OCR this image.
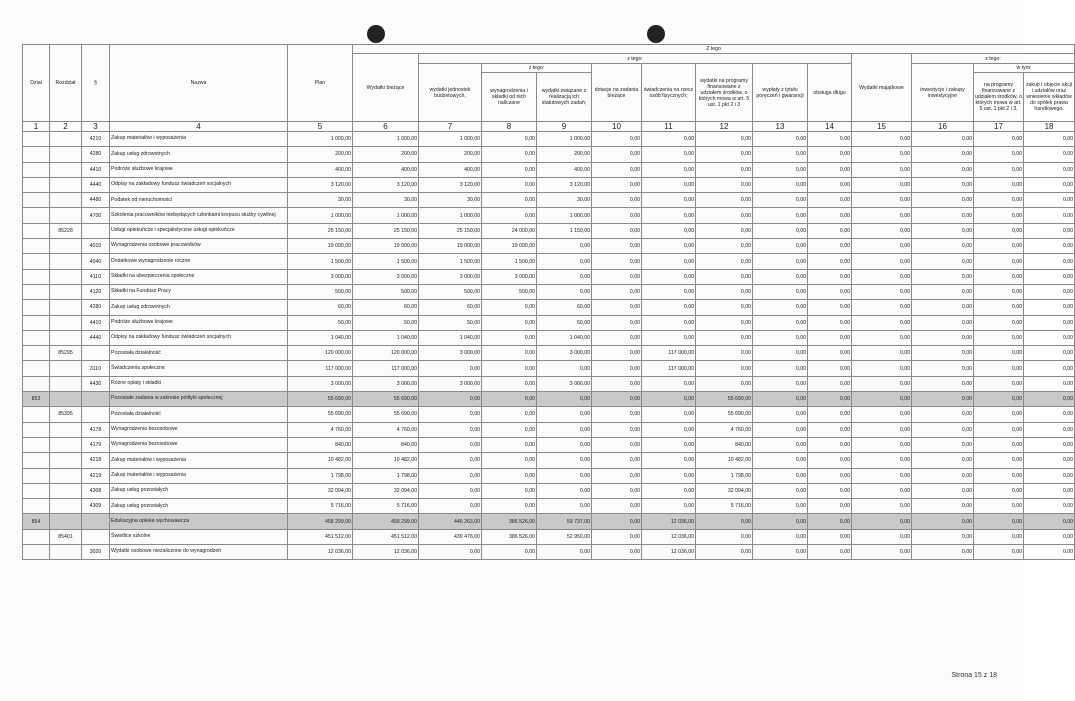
Dział	Rozdział	§	Nazwa	Plan	Z tego												
					Wydatki bieżące	z tego:								Wydatki majątkowe	z tego:		
						wydatki jednostek budżetowych,	z tego:		dotacje na zadania bieżące	świadczenia na rzecz osób fizycznych;	wydatki na programy finansowane z udziałem środków, o których mowa w art. 5 ust. 1 pkt 2 i 3	wypłaty z tytułu poręczeń i gwarancji	obsługa długu		inwestycje i zakupy inwestycyjne	w tym:	
							wynagrodzenia i składki od nich naliczane	wydatki związane z realizacją ich statutowych zadań;								na programy finansowane z udziałem środków, o których mowa w art. 5 ust. 1 pkt 2 i 3,	zakup i objęcie akcji i udziałów oraz wniesienie wkładów do spółek prawa handlowego.

1	2	3	4	5	6	7	8	9	10	11	12	13	14	15	16	17	18
		4210	Zakup materiałów i wyposażenia	1 000,00	1 000,00	1 000,00	0,00	1 000,00	0,00	0,00	0,00	0,00	0,00	0,00	0,00	0,00	0,00
		4280	Zakup usług zdrowotnych	200,00	200,00	200,00	0,00	200,00	0,00	0,00	0,00	0,00	0,00	0,00	0,00	0,00	0,00
		4410	Podróże służbowe krajowe	400,00	400,00	400,00	0,00	400,00	0,00	0,00	0,00	0,00	0,00	0,00	0,00	0,00	0,00
		4440	Odpisy na zakładowy fundusz świadczeń socjalnych	3 120,00	3 120,00	3 120,00	0,00	3 120,00	0,00	0,00	0,00	0,00	0,00	0,00	0,00	0,00	0,00
		4480	Podatek od nieruchomości	30,00	30,00	30,00	0,00	30,00	0,00	0,00	0,00	0,00	0,00	0,00	0,00	0,00	0,00
		4700	Szkolenia pracowników niebędących członkami korpusu służby cywilnej	1 000,00	1 000,00	1 000,00	0,00	1 000,00	0,00	0,00	0,00	0,00	0,00	0,00	0,00	0,00	0,00
	85228		Usługi opiekuńcze i specjalistyczne usługi opiekuńcze	25 150,00	25 150,00	25 150,00	24 000,00	1 150,00	0,00	0,00	0,00	0,00	0,00	0,00	0,00	0,00	0,00
		4010	Wynagrodzenia osobowe pracowników	19 000,00	19 000,00	19 000,00	19 000,00	0,00	0,00	0,00	0,00	0,00	0,00	0,00	0,00	0,00	0,00
		4040	Dodatkowe wynagrodzenie roczne	1 500,00	1 500,00	1 500,00	1 500,00	0,00	0,00	0,00	0,00	0,00	0,00	0,00	0,00	0,00	0,00
		4110	Składki na ubezpieczenia społeczne	3 000,00	3 000,00	3 000,00	3 000,00	0,00	0,00	0,00	0,00	0,00	0,00	0,00	0,00	0,00	0,00
		4120	Składki na Fundusz Pracy	500,00	500,00	500,00	500,00	0,00	0,00	0,00	0,00	0,00	0,00	0,00	0,00	0,00	0,00
		4280	Zakup usług zdrowotnych	60,00	60,00	60,00	0,00	60,00	0,00	0,00	0,00	0,00	0,00	0,00	0,00	0,00	0,00
		4410	Podróże służbowe krajowe	50,00	50,00	50,00	0,00	50,00	0,00	0,00	0,00	0,00	0,00	0,00	0,00	0,00	0,00
		4440	Odpisy na zakładowy fundusz świadczeń socjalnych	1 040,00	1 040,00	1 040,00	0,00	1 040,00	0,00	0,00	0,00	0,00	0,00	0,00	0,00	0,00	0,00
	85295		Pozostała działalność	120 000,00	120 000,00	3 000,00	0,00	3 000,00	0,00	117 000,00	0,00	0,00	0,00	0,00	0,00	0,00	0,00
		3110	Świadczenia społeczne	117 000,00	117 000,00	0,00	0,00	0,00	0,00	117 000,00	0,00	0,00	0,00	0,00	0,00	0,00	0,00
		4430	Różne opłaty i składki	3 000,00	3 000,00	3 000,00	0,00	3 000,00	0,00	0,00	0,00	0,00	0,00	0,00	0,00	0,00	0,00
853			Pozostałe zadania w zakresie polityki społecznej	55 690,00	55 690,00	0,00	0,00	0,00	0,00	0,00	55 690,00	0,00	0,00	0,00	0,00	0,00	0,00
	85395		Pozostała działalność	55 690,00	55 690,00	0,00	0,00	0,00	0,00	0,00	55 690,00	0,00	0,00	0,00	0,00	0,00	0,00
		4178	Wynagrodzenia bezosobowe	4 760,00	4 760,00	0,00	0,00	0,00	0,00	0,00	4 760,00	0,00	0,00	0,00	0,00	0,00	0,00
		4179	Wynagrodzenia bezosobowe	840,00	840,00	0,00	0,00	0,00	0,00	0,00	840,00	0,00	0,00	0,00	0,00	0,00	0,00
		4218	Zakup materiałów i wyposażenia	10 482,00	10 482,00	0,00	0,00	0,00	0,00	0,00	10 482,00	0,00	0,00	0,00	0,00	0,00	0,00
		4219	Zakup materiałów i wyposażenia	1 798,00	1 798,00	0,00	0,00	0,00	0,00	0,00	1 798,00	0,00	0,00	0,00	0,00	0,00	0,00
		4308	Zakup usług pozostałych	32 094,00	32 094,00	0,00	0,00	0,00	0,00	0,00	32 094,00	0,00	0,00	0,00	0,00	0,00	0,00
		4309	Zakup usług pozostałych	5 716,00	5 716,00	0,00	0,00	0,00	0,00	0,00	5 716,00	0,00	0,00	0,00	0,00	0,00	0,00
854			Edukacyjna opieka wychowawcza	458 299,00	458 299,00	446 263,00	386 526,00	59 737,00	0,00	12 036,00	0,00	0,00	0,00	0,00	0,00	0,00	0,00
	85401		Świetlice szkolne	451 512,00	451 512,00	439 476,00	386 526,00	52 950,00	0,00	12 036,00	0,00	0,00	0,00	0,00	0,00	0,00	0,00
		3020	Wydatki osobowe niezaliczone do wynagrodzeń	12 036,00	12 036,00	0,00	0,00	0,00	0,00	12 036,00	0,00	0,00	0,00	0,00	0,00	0,00	0,00
Strona 15 z 18
